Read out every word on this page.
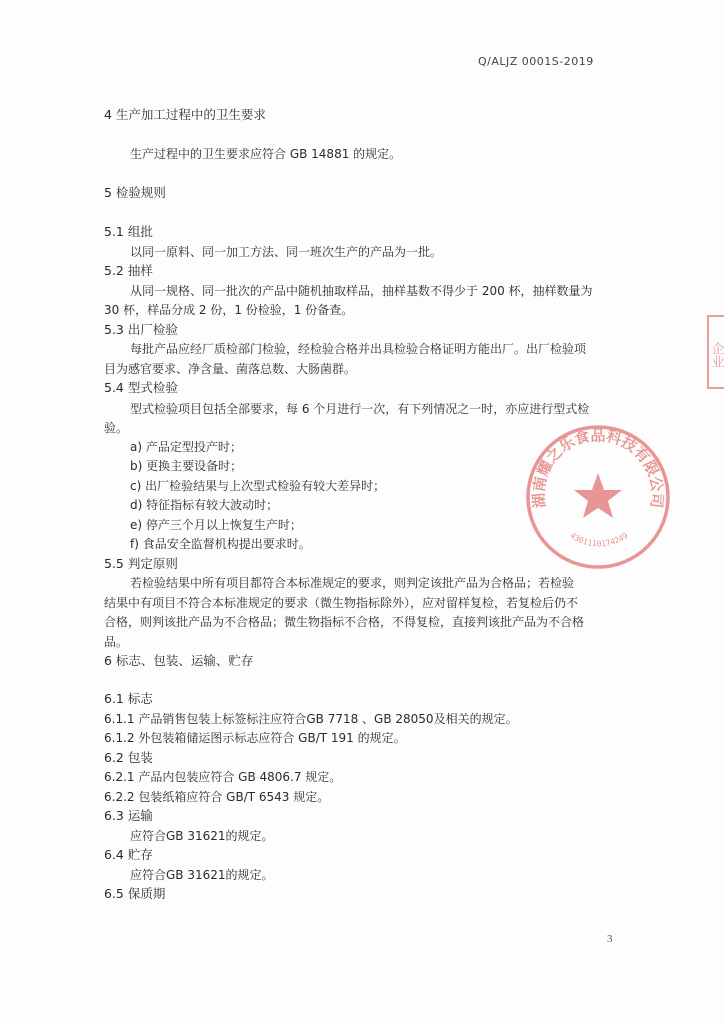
Q/ALJZ 0001S-2019
4 生产加工过程中的卫生要求
生产过程中的卫生要求应符合 GB 14881 的规定。
5 检验规则
5.1 组批
以同一原料、同一加工方法、同一班次生产的产品为一批。
5.2 抽样
从同一规格、同一批次的产品中随机抽取样品，抽样基数不得少于 200 杯，抽样数量为
30 杯，样品分成 2 份，1 份检验，1 份备查。
5.3 出厂检验
每批产品应经厂质检部门检验，经检验合格并出具检验合格证明方能出厂。出厂检验项
目为感官要求、净含量、菌落总数、大肠菌群。
5.4 型式检验
型式检验项目包括全部要求，每 6 个月进行一次，有下列情况之一时，亦应进行型式检
验。
a) 产品定型投产时；
b) 更换主要设备时；
c) 出厂检验结果与上次型式检验有较大差异时；
d) 特征指标有较大波动时；
e) 停产三个月以上恢复生产时；
f) 食品安全监督机构提出要求时。
5.5 判定原则
若检验结果中所有项目都符合本标准规定的要求，则判定该批产品为合格品；若检验
结果中有项目不符合本标准规定的要求（微生物指标除外），应对留样复检，若复检后仍不
合格，则判该批产品为不合格品；微生物指标不合格，不得复检，直接判该批产品为不合格
品。
6 标志、包装、运输、贮存
6.1 标志
6.1.1 产品销售包装上标签标注应符合GB 7718 、GB 28050及相关的规定。
6.1.2 外包装箱储运图示标志应符合 GB/T 191 的规定。
6.2 包装
6.2.1 产品内包装应符合 GB 4806.7 规定。
6.2.2 包装纸箱应符合 GB/T 6543 规定。
6.3 运输
应符合GB 31621的规定。
6.4 贮存
应符合GB 31621的规定。
6.5 保质期
湖南耀之乐食品科技有限公司
4301110174249
企业
3
